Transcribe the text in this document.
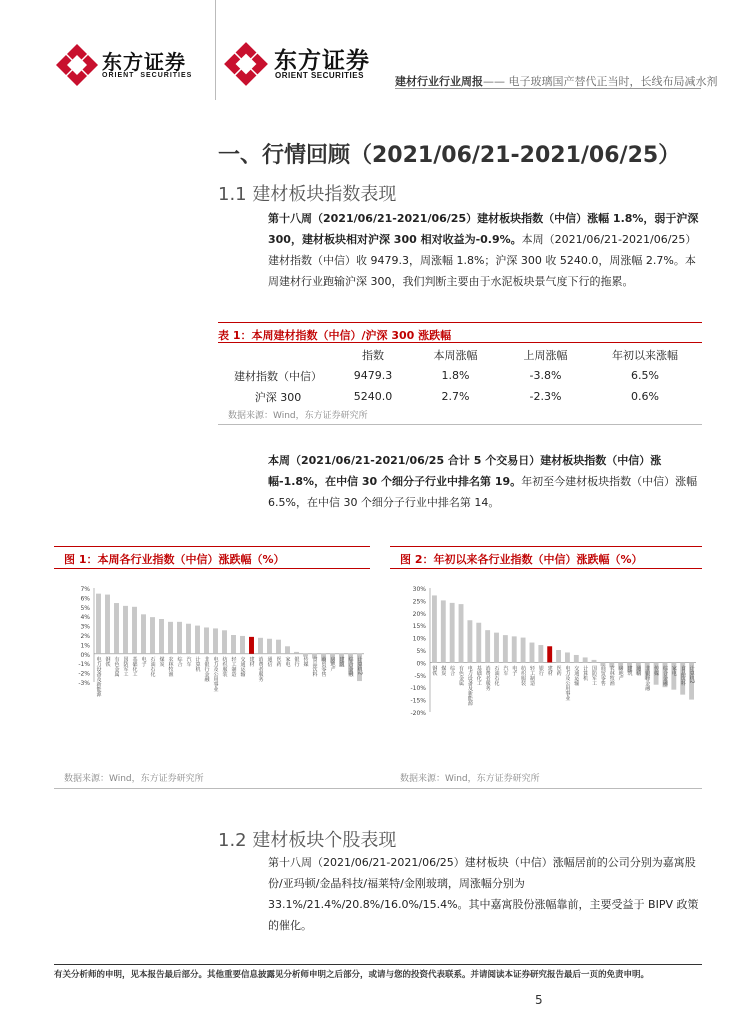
东方证券
ORIENT  SECURITIES
东方证券
ORIENT SECURITIES	建材行业行业周报—— 电子玻璃国产替代正当时，长线布局减水剂
一、行情回顾（2021/06/21-2021/06/25）
1.1 建材板块指数表现
第十八周（2021/06/21-2021/06/25）建材板块指数（中信）涨幅 1.8%，弱于沪深 300，建材板块相对沪深 300 相对收益为-0.9%。本周（2021/06/21-2021/06/25）建材指数（中信）收 9479.3，周涨幅 1.8%；沪深 300 收 5240.0，周涨幅 2.7%。本周建材行业跑输沪深 300，我们判断主要由于水泥板块景气度下行的拖累。
表 1：本周建材指数（中信）/沪深 300 涨跌幅
	指数	本周涨幅	上周涨幅	年初以来涨幅
建材指数（中信）	9479.3	1.8%	-3.8%	6.5%
沪深 300	5240.0	2.7%	-2.3%	0.6%
数据来源：Wind，东方证券研究所
本周（2021/06/21-2021/06/25 合计 5 个交易日）建材板块指数（中信）涨幅-1.8%，在中信 30 个细分子行业中排名第 19。年初至今建材板块指数（中信）涨幅 6.5%，在中信 30 个细分子行业中排名第 14。
图 1：本周各行业指数（中信）涨跌幅（%）
7%
6%
5%
4%
3%
2%
1%
0%
-1%
-2%
-3% 电力设备及新能源 钢铁 有色金属 国防军工 基础化工 电子 石油石化 煤炭 农林牧渔 综合 汽车 计算机 非银行金融 电力及公用事业 纺织服装 轻工制造 交通运输 建材 消费者服务 通信 医药 家电 银行 传媒 食品饮料 商贸零售 房地产 建筑 综合金融 计算机2
数据来源：Wind，东方证券研究所
图 2：年初以来各行业指数（中信）涨跌幅（%）
30%
25%
20%
15%
10%
5%
0%
-5%
-10%
-15%
-20%
钢铁 煤炭 综合 有色金属 电力设备及新能源 基础化工 消费者服务 石油石化 汽车 电子 纺织服装 轻工制造 银行 建材 医药 电力及公用事业 交通运输 计算机 国防军工 商贸零售 农林牧渔 房地产 建筑 通信 非银行金融 传媒 综合金融 家电 食品饮料 计算机2
数据来源：Wind，东方证券研究所
1.2 建材板块个股表现
第十八周（2021/06/21-2021/06/25）建材板块（中信）涨幅居前的公司分别为嘉寓股份/亚玛顿/金晶科技/福莱特/金刚玻璃，周涨幅分别为 33.1%/21.4%/20.8%/16.0%/15.4%。其中嘉寓股份涨幅靠前，主要受益于 BIPV 政策的催化。
有关分析师的申明，见本报告最后部分。其他重要信息披露见分析师申明之后部分，或请与您的投资代表联系。并请阅读本证券研究报告最后一页的免责申明。
5
